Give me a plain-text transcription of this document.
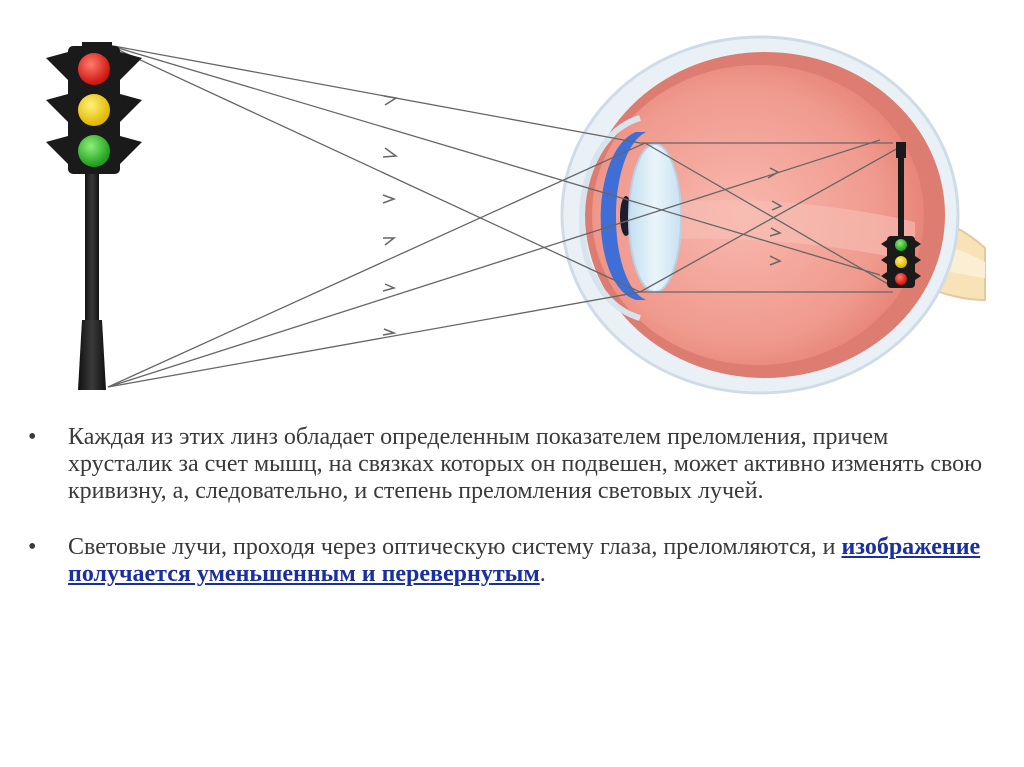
• Каждая из этих линз обладает определенным показателем преломления, причем хрусталик за счет мышц, на связках которых он подвешен, может активно изменять свою кривизну, а, следовательно, и степень преломления световых лучей.
• Световые лучи, проходя через оптическую систему глаза, преломляются, и изображение получается уменьшенным и перевернутым.
